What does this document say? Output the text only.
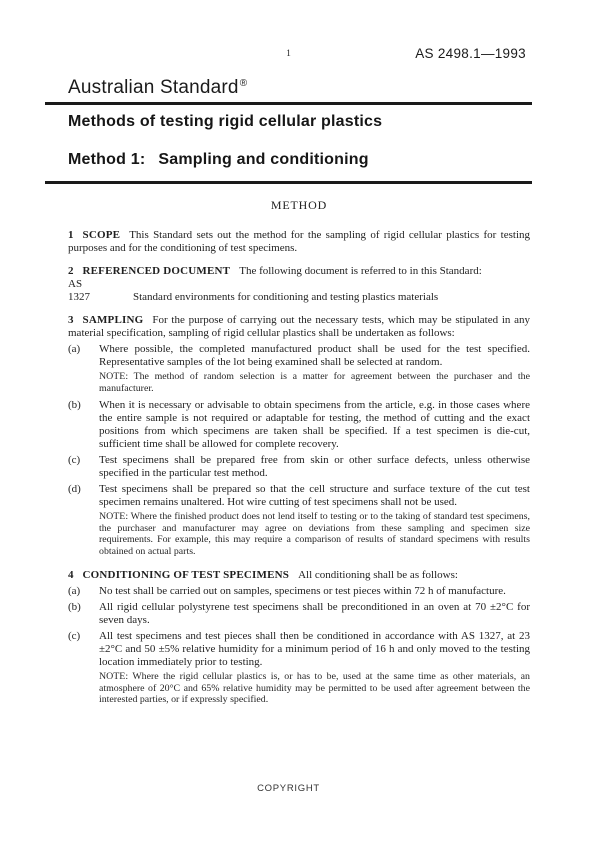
1	AS 2498.1—1993
Australian Standard®
Methods of testing rigid cellular plastics
Method 1: Sampling and conditioning
METHOD

1 SCOPE This Standard sets out the method for the sampling of rigid cellular plastics for testing purposes and for the conditioning of test specimens.

2 REFERENCED DOCUMENT The following document is referred to in this Standard:

AS
1327	Standard environments for conditioning and testing plastics materials

3 SAMPLING For the purpose of carrying out the necessary tests, which may be stipulated in any material specification, sampling of rigid cellular plastics shall be undertaken as follows:

(a)	Where possible, the completed manufactured product shall be used for the test specified. Representative samples of the lot being examined shall be selected at random.

NOTE: The method of random selection is a matter for agreement between the purchaser and the manufacturer.

(b)	When it is necessary or advisable to obtain specimens from the article, e.g. in those cases where the entire sample is not required or adaptable for testing, the method of cutting and the exact positions from which specimens are taken shall be specified. If a test specimen is die-cut, sufficient time shall be allowed for complete recovery.

(c)	Test specimens shall be prepared free from skin or other surface defects, unless otherwise specified in the particular test method.

(d)	Test specimens shall be prepared so that the cell structure and surface texture of the cut test specimen remains unaltered. Hot wire cutting of test specimens shall not be used.

NOTE: Where the finished product does not lend itself to testing or to the taking of standard test specimens, the purchaser and manufacturer may agree on deviations from these sampling and specimen size requirements. For example, this may require a comparison of results of standard specimens with results obtained on actual parts.

4 CONDITIONING OF TEST SPECIMENS All conditioning shall be as follows:

(a)	No test shall be carried out on samples, specimens or test pieces within 72 h of manufacture.

(b)	All rigid cellular polystyrene test specimens shall be preconditioned in an oven at 70 ±2°C for seven days.

(c)	All test specimens and test pieces shall then be conditioned in accordance with AS 1327, at 23 ±2°C and 50 ±5% relative humidity for a minimum period of 16 h and only moved to the testing location immediately prior to testing.

NOTE: Where the rigid cellular plastics is, or has to be, used at the same time as other materials, an atmosphere of 20°C and 65% relative humidity may be permitted to be used after agreement between the interested parties, or if expressly specified.

COPYRIGHT
